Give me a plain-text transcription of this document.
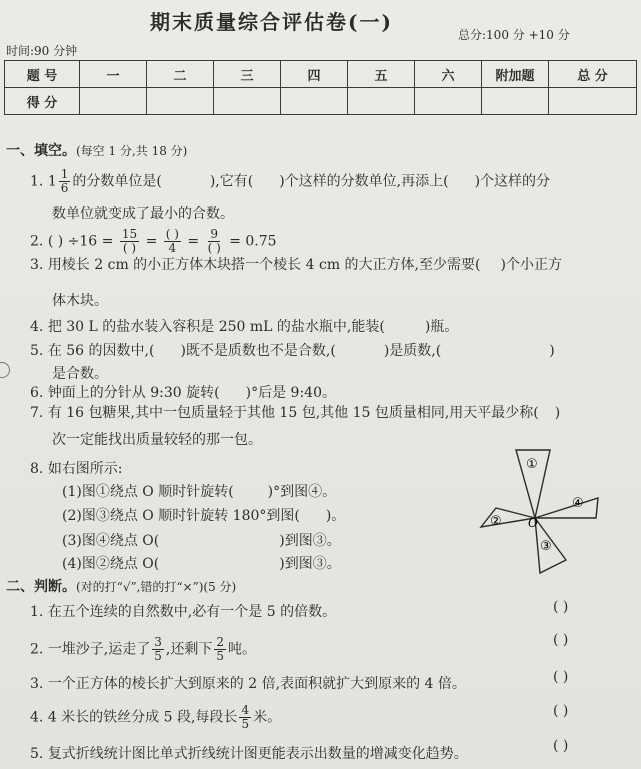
期末质量综合评估卷(一)
总分:100 分 +10 分
时间:90 分钟
题 号	一	二	三	四	五	六	附加题	总 分
得 分								
一、填空。(每空 1 分,共 18 分)
1. $1 \frac{1}{6}$ 的分数单位是(	),它有( )个这样的分数单位,再添上( )个这样的分
数单位就变成了最小的合数。
2. ( ) $\div 16 = \frac{15}{( )} = \frac{( )}{4} = \frac{9}{( )} = 0.75$
3. 用棱长 2 cm 的小正方体木块搭一个棱长 4 cm 的大正方体,至少需要( )个小正方
体木块。
4. 把 30 L 的盐水装入容积是 250 mL 的盐水瓶中,能装(	)瓶。
5. 在 56 的因数中,( )既不是质数也不是合数,(	)是质数,(	)
是合数。
6. 钟面上的分针从 9:30 旋转( )°后是 9:40。
7. 有 16 包糖果,其中一包质量轻于其他 15 包,其他 15 包质量相同,用天平最少称( )
次一定能找出质量较轻的那一包。
8. 如右图所示:
(1)图①绕点 O 顺时针旋转( )°到图④。
(2)图③绕点 O 顺时针旋转 180°到图( )。
(3)图④绕点 O(	)到图③。
(4)图②绕点 O(	)到图③。
①
②
③
④
O
二、判断。(对的打“√”,错的打“×”)(5 分)
1. 在五个连续的自然数中,必有一个是 5 的倍数。	( )
2. 一堆沙子,运走了 $\frac{3}{5}$ ,还剩下 $\frac{2}{5}$ 吨。
( )
3. 一个正方体的棱长扩大到原来的 2 倍,表面积就扩大到原来的 4 倍。	( )
4. 4 米长的铁丝分成 5 段,每段长 $\frac{4}{5}$ 米。	( )
5. 复式折线统计图比单式折线统计图更能表示出数量的增减变化趋势。	( )
